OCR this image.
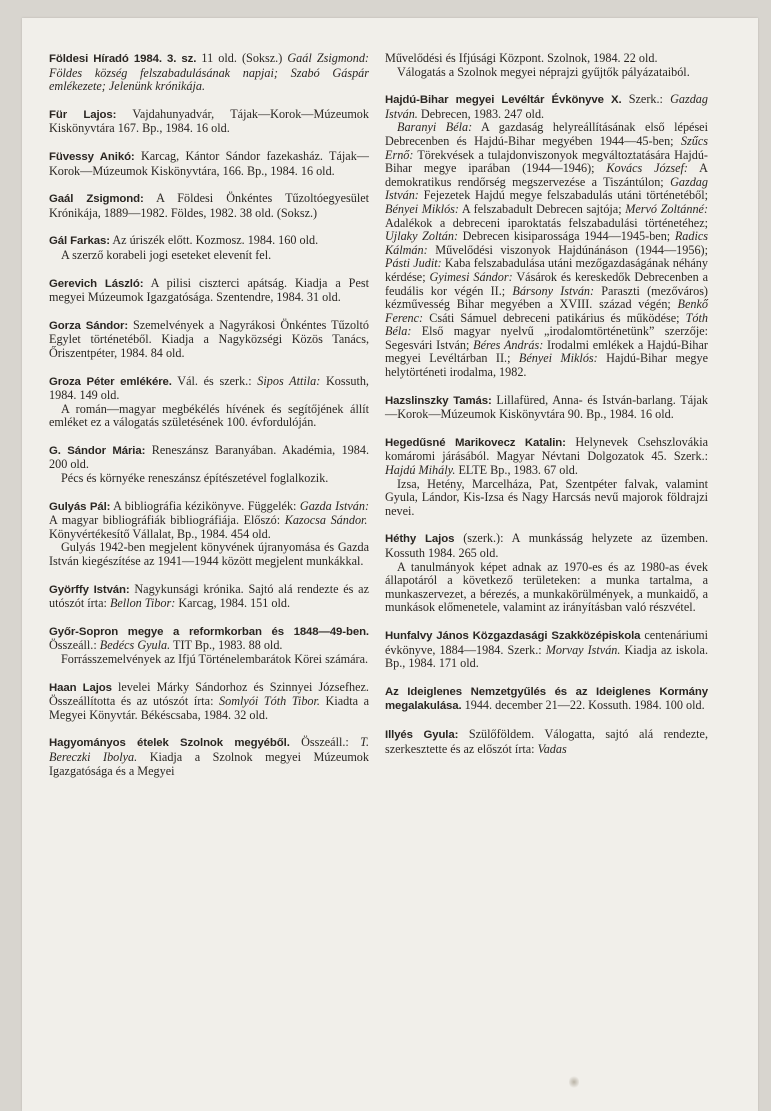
Földesi Híradó 1984. 3. sz. 11 old. (Soksz.) Gaál Zsigmond: Földes község felszabadulásának napjai; Szabó Gáspár emlékezete; Jelenünk krónikája.

Für Lajos: Vajdahunyadvár, Tájak—Korok—Múzeumok Kiskönyvtára 167. Bp., 1984. 16 old.

Füvessy Anikó: Karcag, Kántor Sándor fazekasház. Tájak—Korok—Múzeumok Kiskönyvtára, 166. Bp., 1984. 16 old.

Gaál Zsigmond: A Földesi Önkéntes Tűzoltóegyesület Krónikája, 1889—1982. Földes, 1982. 38 old. (Soksz.)

Gál Farkas: Az úriszék előtt. Kozmosz. 1984. 160 old.

A szerző korabeli jogi eseteket elevenít fel.

Gerevich László: A pilisi ciszterci apátság. Kiadja a Pest megyei Múzeumok Igazgatósága. Szentendre, 1984. 31 old.

Gorza Sándor: Szemelvények a Nagyrákosi Önkéntes Tűzoltó Egylet történetéből. Kiadja a Nagyközségi Közös Tanács, Őriszentpéter, 1984. 84 old.

Groza Péter emlékére. Vál. és szerk.: Sipos Attila: Kossuth, 1984. 149 old.

A román—magyar megbékélés hívének és segítőjének állít emléket ez a válogatás születésének 100. évfordulóján.

G. Sándor Mária: Reneszánsz Baranyában. Akadémia, 1984. 200 old.

Pécs és környéke reneszánsz építészetével foglalkozik.

Gulyás Pál: A bibliográfia kézikönyve. Függelék: Gazda István: A magyar bibliográfiák bibliográfiája. Előszó: Kazocsa Sándor. Könyvértékesítő Vállalat, Bp., 1984. 454 old.

Gulyás 1942-ben megjelent könyvének újranyomása és Gazda István kiegészítése az 1941—1944 között megjelent munkákkal.

Györffy István: Nagykunsági krónika. Sajtó alá rendezte és az utószót írta: Bellon Tibor: Karcag, 1984. 151 old.

Győr-Sopron megye a reformkorban és 1848—49-ben. Összeáll.: Bedécs Gyula. TIT Bp., 1983. 88 old.

Forrásszemelvények az Ifjú Történelembarátok Körei számára.

Haan Lajos levelei Márky Sándorhoz és Szinnyei Józsefhez. Összeállította és az utószót írta: Somlyói Tóth Tibor. Kiadta a Megyei Könyvtár. Békéscsaba, 1984. 32 old.

Hagyományos ételek Szolnok megyéből. Összeáll.: T. Bereczki Ibolya. Kiadja a Szolnok megyei Múzeumok Igazgatósága és a Megyei

Művelődési és Ifjúsági Központ. Szolnok, 1984. 22 old.

Válogatás a Szolnok megyei néprajzi gyűjtők pályázataiból.

Hajdú-Bihar megyei Levéltár Évkönyve X. Szerk.: Gazdag István. Debrecen, 1983. 247 old.

Baranyi Béla: A gazdaság helyreállításának első lépései Debrecenben és Hajdú-Bihar megyében 1944—45-ben; Szűcs Ernő: Törekvések a tulajdonviszonyok megváltoztatására Hajdú-Bihar megye iparában (1944—1946); Kovács József: A demokratikus rendőrség megszervezése a Tiszántúlon; Gazdag István: Fejezetek Hajdú megye felszabadulás utáni történetéből; Bényei Miklós: A felszabadult Debrecen sajtója; Mervó Zoltánné: Adalékok a debreceni iparoktatás felszabadulási történetéhez; Ujlaky Zoltán: Debrecen kisiparossága 1944—1945-ben; Radics Kálmán: Művelődési viszonyok Hajdúnánáson (1944—1956); Pásti Judit: Kaba felszabadulása utáni mezőgazdaságának néhány kérdése; Gyimesi Sándor: Vásárok és kereskedők Debrecenben a feudális kor végén II.; Bársony István: Paraszti (mezőváros) kézművesség Bihar megyében a XVIII. század végén; Benkő Ferenc: Csáti Sámuel debreceni patikárius és működése; Tóth Béla: Első magyar nyelvű „irodalomtörténetünk” szerzője: Segesvári István; Béres András: Irodalmi emlékek a Hajdú-Bihar megyei Levéltárban II.; Bényei Miklós: Hajdú-Bihar megye helytörténeti irodalma, 1982.

Hazslinszky Tamás: Lillafüred, Anna- és István-barlang. Tájak—Korok—Múzeumok Kiskönyvtára 90. Bp., 1984. 16 old.

Hegedűsné Marikovecz Katalin: Helynevek Csehszlovákia komáromi járásából. Magyar Névtani Dolgozatok 45. Szerk.: Hajdú Mihály. ELTE Bp., 1983. 67 old.

Izsa, Hetény, Marcelháza, Pat, Szentpéter falvak, valamint Gyula, Lándor, Kis-Izsa és Nagy Harcsás nevű majorok földrajzi nevei.

Héthy Lajos (szerk.): A munkásság helyzete az üzemben. Kossuth 1984. 265 old.

A tanulmányok képet adnak az 1970-es és az 1980-as évek állapotáról a következő területeken: a munka tartalma, a munkaszervezet, a bérezés, a munkakörülmények, a munkaidő, a munkások előmenetele, valamint az irányításban való részvétel.

Hunfalvy János Közgazdasági Szakközépiskola centenáriumi évkönyve, 1884—1984. Szerk.: Morvay István. Kiadja az iskola. Bp., 1984. 171 old.

Az Ideiglenes Nemzetgyűlés és az Ideiglenes Kormány megalakulása. 1944. december 21—22. Kossuth. 1984. 100 old.

Illyés Gyula: Szülőföldem. Válogatta, sajtó alá rendezte, szerkesztette és az előszót írta: Vadas
